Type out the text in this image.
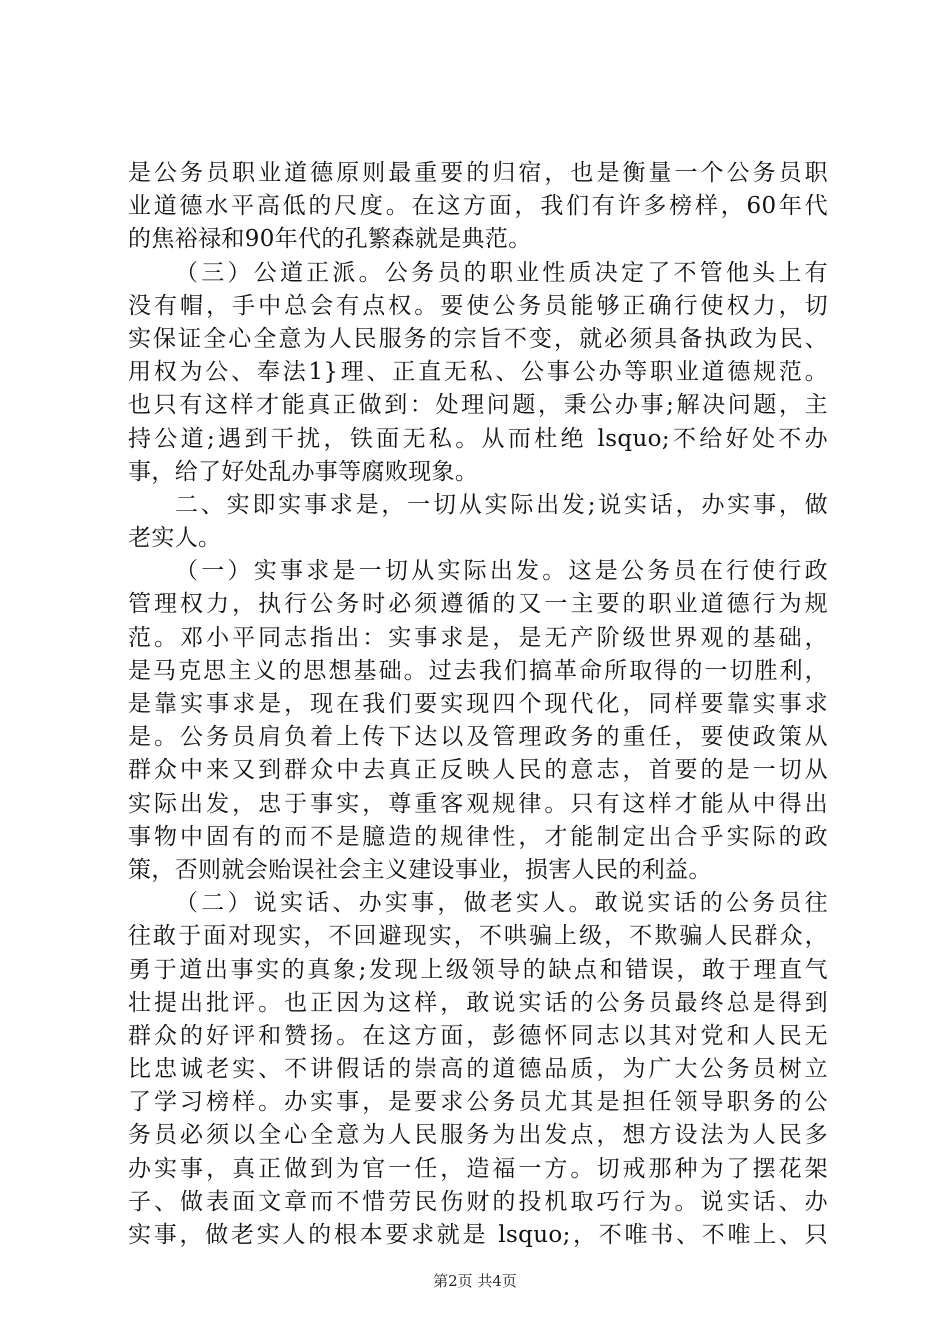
是公务员职业道德原则最重要的归宿，也是衡量一个公务员职
业道德水平高低的尺度。在这方面，我们有许多榜样，60年代
的焦裕禄和90年代的孔繁森就是典范。
（三）公道正派。公务员的职业性质决定了不管他头上有
没有帽，手中总会有点权。要使公务员能够正确行使权力，切
实保证全心全意为人民服务的宗旨不变，就必须具备执政为民、
用权为公、奉法1}理、正直无私、公事公办等职业道德规范。
也只有这样才能真正做到：处理问题，秉公办事;解决问题，主
持公道;遇到干扰，铁面无私。从而杜绝 lsquo;不给好处不办
事，给了好处乱办事等腐败现象。
二、实即实事求是，一切从实际出发;说实话，办实事，做
老实人。
（一）实事求是一切从实际出发。这是公务员在行使行政
管理权力，执行公务时必须遵循的又一主要的职业道德行为规
范。邓小平同志指出：实事求是，是无产阶级世界观的基础，
是马克思主义的思想基础。过去我们搞革命所取得的一切胜利，
是靠实事求是，现在我们要实现四个现代化，同样要靠实事求
是。公务员肩负着上传下达以及管理政务的重任，要使政策从
群众中来又到群众中去真正反映人民的意志，首要的是一切从
实际出发，忠于事实，尊重客观规律。只有这样才能从中得出
事物中固有的而不是臆造的规律性，才能制定出合乎实际的政
策，否则就会贻误社会主义建设事业，损害人民的利益。
（二）说实话、办实事，做老实人。敢说实话的公务员往
往敢于面对现实，不回避现实，不哄骗上级，不欺骗人民群众，
勇于道出事实的真象;发现上级领导的缺点和错误，敢于理直气
壮提出批评。也正因为这样，敢说实话的公务员最终总是得到
群众的好评和赞扬。在这方面，彭德怀同志以其对党和人民无
比忠诚老实、不讲假话的崇高的道德品质，为广大公务员树立
了学习榜样。办实事，是要求公务员尤其是担任领导职务的公
务员必须以全心全意为人民服务为出发点，想方设法为人民多
办实事，真正做到为官一任，造福一方。切戒那种为了摆花架
子、做表面文章而不惜劳民伤财的投机取巧行为。说实话、办
实事，做老实人的根本要求就是 lsquo;，不唯书、不唯上、只
第2页 共4页
